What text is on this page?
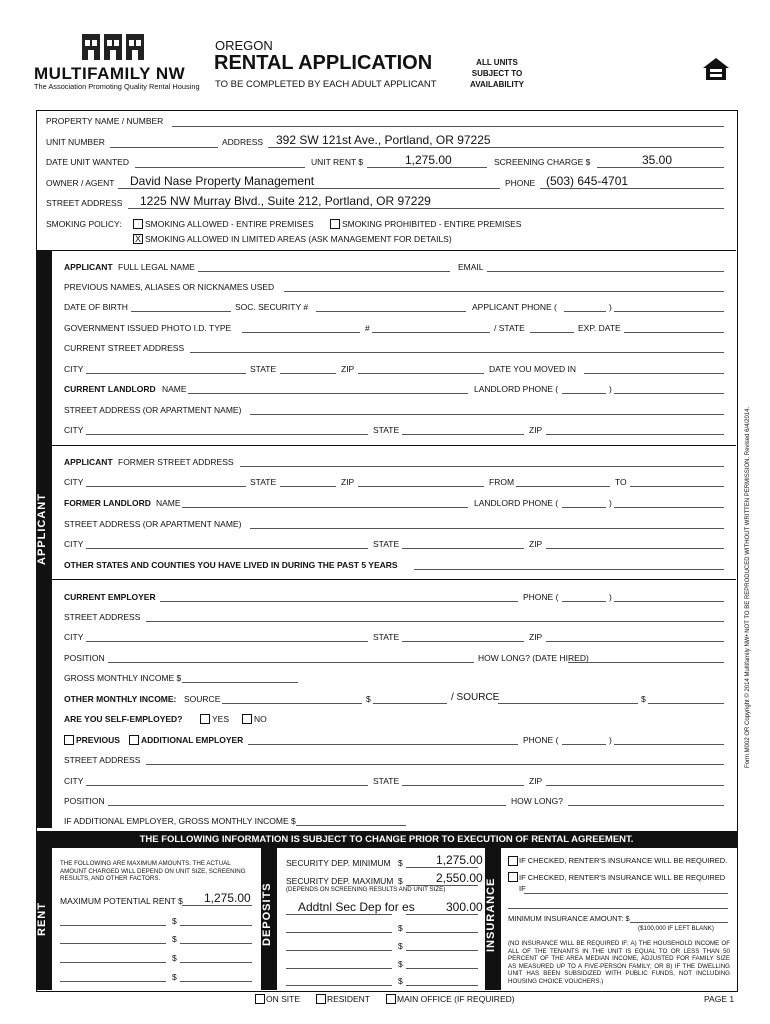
MULTIFAMILY NW
The Association Promoting Quality Rental Housing
OREGON
RENTAL APPLICATION
TO BE COMPLETED BY EACH ADULT APPLICANT
ALL UNITS
SUBJECT TO
AVAILABILITY
PROPERTY NAME / NUMBER
UNIT NUMBER	ADDRESS 392 SW 121st Ave., Portland, OR 97225
DATE UNIT WANTED	UNIT RENT $	1,275.00	SCREENING CHARGE $	35.00
OWNER / AGENT David Nase Property Management	PHONE (503) 645-4701
STREET ADDRESS 1225 NW Murray Blvd., Suite 212, Portland, OR 97229
SMOKING POLICY:	SMOKING ALLOWED - ENTIRE PREMISES	SMOKING PROHIBITED - ENTIRE PREMISES
X SMOKING ALLOWED IN LIMITED AREAS (ASK MANAGEMENT FOR DETAILS)
APPLICANT
APPLICANT FULL LEGAL NAME	EMAIL
PREVIOUS NAMES, ALIASES OR NICKNAMES USED
DATE OF BIRTH	SOC. SECURITY #	APPLICANT PHONE (	)
GOVERNMENT ISSUED PHOTO I.D. TYPE	#	/ STATE	EXP. DATE
CURRENT STREET ADDRESS
CITY	STATE	ZIP	DATE YOU MOVED IN
CURRENT LANDLORD NAME	LANDLORD PHONE (	)
STREET ADDRESS (OR APARTMENT NAME)
CITY	STATE	ZIP
APPLICANT FORMER STREET ADDRESS
CITY	STATE	ZIP	FROM	TO
FORMER LANDLORD NAME	LANDLORD PHONE (	)
STREET ADDRESS (OR APARTMENT NAME)
CITY	STATE	ZIP
OTHER STATES AND COUNTIES YOU HAVE LIVED IN DURING THE PAST 5 YEARS
CURRENT EMPLOYER	PHONE (	)
STREET ADDRESS
CITY	STATE	ZIP
POSITION	HOW LONG? (DATE HIRED)
GROSS MONTHLY INCOME $
OTHER MONTHLY INCOME: SOURCE	$	/ SOURCE	$
ARE YOU SELF-EMPLOYED?	YES	NO
PREVIOUS ADDITIONAL EMPLOYER	PHONE (	)
STREET ADDRESS
CITY	STATE	ZIP
POSITION	HOW LONG?
IF ADDITIONAL EMPLOYER, GROSS MONTHLY INCOME $
THE FOLLOWING INFORMATION IS SUBJECT TO CHANGE PRIOR TO EXECUTION OF RENTAL AGREEMENT.
RENT
THE FOLLOWING ARE MAXIMUM AMOUNTS. THE ACTUAL AMOUNT CHARGED WILL DEPEND ON UNIT SIZE, SCREENING RESULTS, AND OTHER FACTORS.
MAXIMUM POTENTIAL RENT $ 1,275.00
$
$
$
$
DEPOSITS
SECURITY DEP. MINIMUM $	1,275.00
SECURITY DEP. MAXIMUM $	2,550.00
(DEPENDS ON SCREENING RESULTS AND UNIT SIZE)
Addtnl Sec Dep for es	300.00
$
$
$
$
INSURANCE
IF CHECKED, RENTER'S INSURANCE WILL BE REQUIRED.
IF CHECKED, RENTER'S INSURANCE WILL BE REQUIRED IF
MINIMUM INSURANCE AMOUNT: $
($100,000 IF LEFT BLANK)
(NO INSURANCE WILL BE REQUIRED IF: A) THE HOUSEHOLD INCOME OF ALL OF THE TENANTS IN THE UNIT IS EQUAL TO OR LESS THAN 50 PERCENT OF THE AREA MEDIAN INCOME, ADJUSTED FOR FAMILY SIZE AS MEASURED UP TO A FIVE-PERSON FAMILY; OR B) IF THE DWELLING UNIT HAS BEEN SUBSIDIZED WITH PUBLIC FUNDS, NOT INCLUDING HOUSING CHOICE VOUCHERS.)
ON SITE	RESIDENT	MAIN OFFICE (IF REQUIRED)	PAGE 1
Form M002 OR Copyright © 2014 Multifamily NW• NOT TO BE REPRODUCED WITHOUT WRITTEN PERMISSION. Revised 6/4/2014.
